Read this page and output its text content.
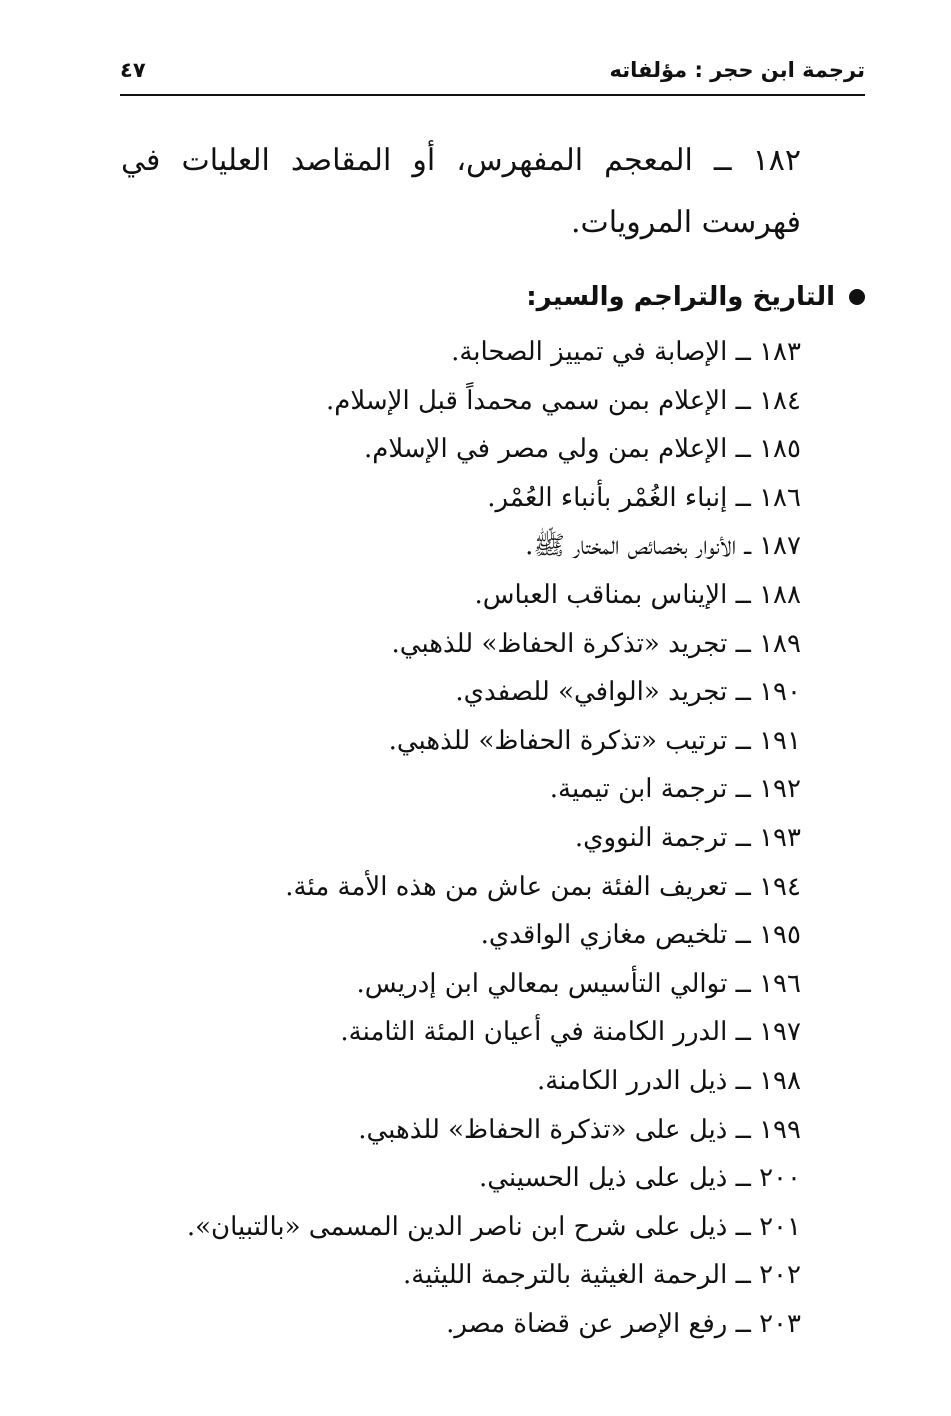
ترجمة ابن حجر : مؤلفاته
٤٧
١٨٢ ــ المعجم المفهرس، أو المقاصد العليات في فهرست المرويات.
التاريخ والتراجم والسير:
١٨٣ ــ الإصابة في تمييز الصحابة.
١٨٤ ــ الإعلام بمن سمي محمداً قبل الإسلام.
١٨٥ ــ الإعلام بمن ولي مصر في الإسلام.
١٨٦ ــ إنباء الغُمْر بأنباء العُمْر.
١٨٧ ــ الأنوار بخصائص المختار ﷺ.
١٨٨ ــ الإيناس بمناقب العباس.
١٨٩ ــ تجريد «تذكرة الحفاظ» للذهبي.
١٩٠ ــ تجريد «الوافي» للصفدي.
١٩١ ــ ترتيب «تذكرة الحفاظ» للذهبي.
١٩٢ ــ ترجمة ابن تيمية.
١٩٣ ــ ترجمة النووي.
١٩٤ ــ تعريف الفئة بمن عاش من هذه الأمة مئة.
١٩٥ ــ تلخيص مغازي الواقدي.
١٩٦ ــ توالي التأسيس بمعالي ابن إدريس.
١٩٧ ــ الدرر الكامنة في أعيان المئة الثامنة.
١٩٨ ــ ذيل الدرر الكامنة.
١٩٩ ــ ذيل على «تذكرة الحفاظ» للذهبي.
٢٠٠ ــ ذيل على ذيل الحسيني.
٢٠١ ــ ذيل على شرح ابن ناصر الدين المسمى «بالتبيان».
٢٠٢ ــ الرحمة الغيثية بالترجمة الليثية.
٢٠٣ ــ رفع الإصر عن قضاة مصر.
